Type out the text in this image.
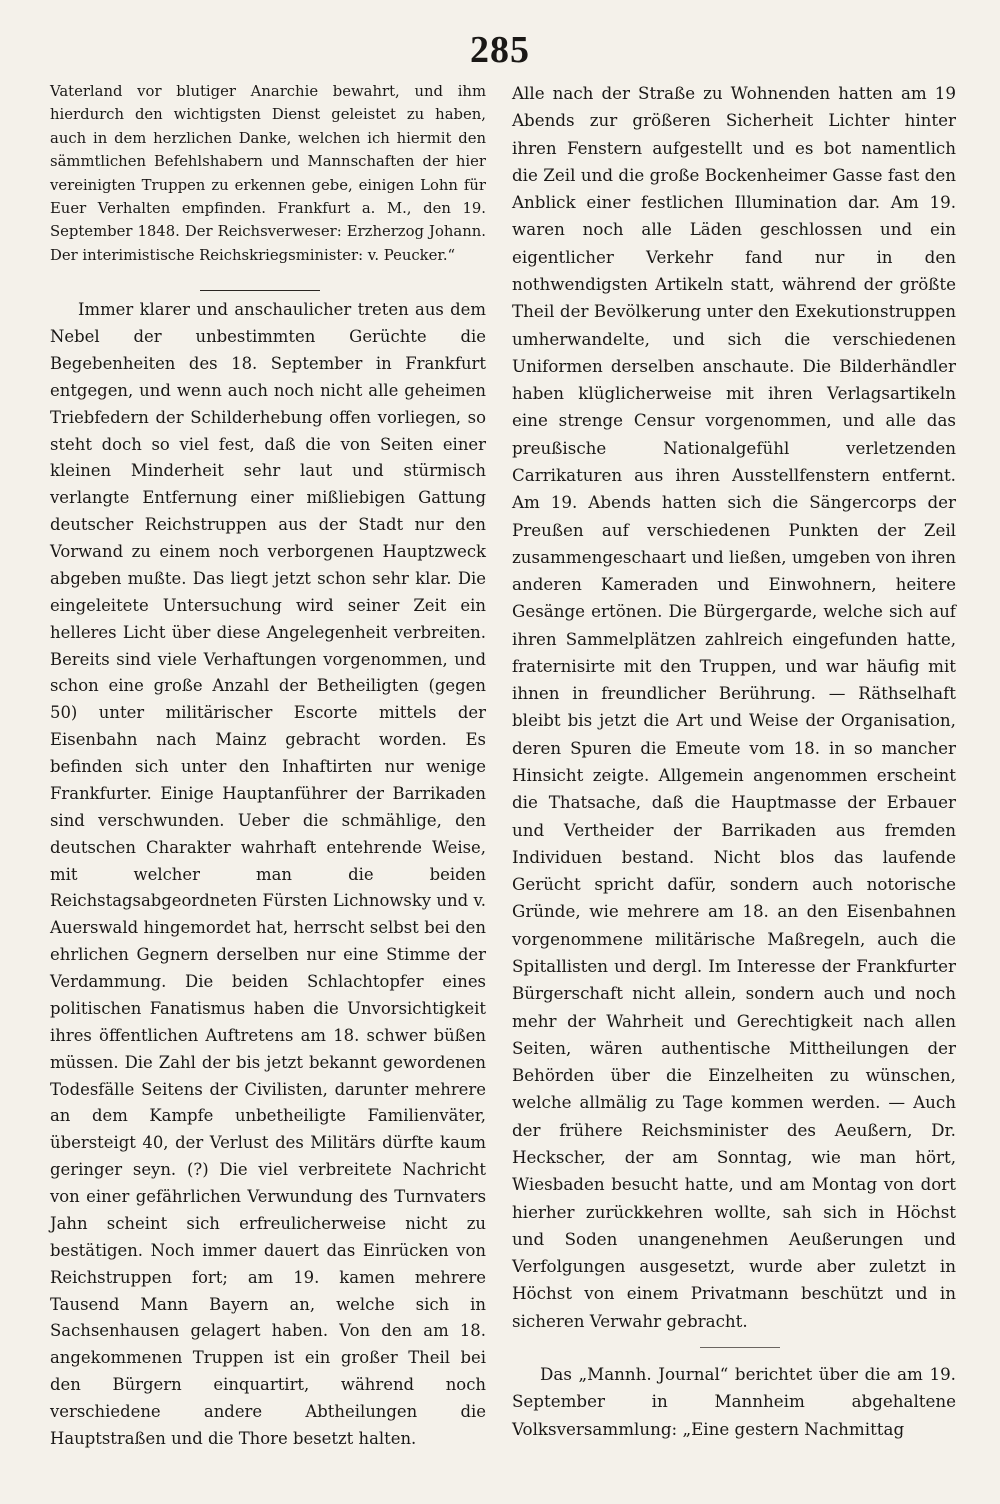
285

Vaterland vor blutiger Anarchie bewahrt, und ihm hierdurch den wichtigsten Dienst geleistet zu haben, auch in dem herzlichen Danke, welchen ich hiermit den sämmtlichen Befehlshabern und Mannschaften der hier vereinigten Truppen zu erkennen gebe, einigen Lohn für Euer Verhalten empfinden. Frankfurt a. M., den 19. September 1848. Der Reichsverweser: Erzherzog Johann. Der interimistische Reichskriegsminister: v. Peucker.“

Immer klarer und anschaulicher treten aus dem Nebel der unbestimmten Gerüchte die Begebenheiten des 18. September in Frankfurt entgegen, und wenn auch noch nicht alle geheimen Triebfedern der Schilderhebung offen vorliegen, so steht doch so viel fest, daß die von Seiten einer kleinen Minderheit sehr laut und stürmisch verlangte Entfernung einer mißliebigen Gattung deutscher Reichstruppen aus der Stadt nur den Vorwand zu einem noch verborgenen Hauptzweck abgeben mußte. Das liegt jetzt schon sehr klar. Die eingeleitete Untersuchung wird seiner Zeit ein helleres Licht über diese Angelegenheit verbreiten. Bereits sind viele Verhaftungen vorgenommen, und schon eine große Anzahl der Betheiligten (gegen 50) unter militärischer Escorte mittels der Eisenbahn nach Mainz gebracht worden. Es befinden sich unter den Inhaftirten nur wenige Frankfurter. Einige Hauptanführer der Barrikaden sind verschwunden. Ueber die schmählige, den deutschen Charakter wahrhaft entehrende Weise, mit welcher man die beiden Reichstagsabgeordneten Fürsten Lichnowsky und v. Auerswald hingemordet hat, herrscht selbst bei den ehrlichen Gegnern derselben nur eine Stimme der Verdammung. Die beiden Schlachtopfer eines politischen Fanatismus haben die Unvorsichtigkeit ihres öffentlichen Auftretens am 18. schwer büßen müssen. Die Zahl der bis jetzt bekannt gewordenen Todesfälle Seitens der Civilisten, darunter mehrere an dem Kampfe unbetheiligte Familienväter, übersteigt 40, der Verlust des Militärs dürfte kaum geringer seyn. (?) Die viel verbreitete Nachricht von einer gefährlichen Verwundung des Turnvaters Jahn scheint sich erfreulicherweise nicht zu bestätigen. Noch immer dauert das Einrücken von Reichstruppen fort; am 19. kamen mehrere Tausend Mann Bayern an, welche sich in Sachsenhausen gelagert haben. Von den am 18. angekommenen Truppen ist ein großer Theil bei den Bürgern einquartirt, während noch verschiedene andere Abtheilungen die Hauptstraßen und die Thore besetzt halten.

Alle nach der Straße zu Wohnenden hatten am 19 Abends zur größeren Sicherheit Lichter hinter ihren Fenstern aufgestellt und es bot namentlich die Zeil und die große Bockenheimer Gasse fast den Anblick einer festlichen Illumination dar. Am 19. waren noch alle Läden geschlossen und ein eigentlicher Verkehr fand nur in den nothwendigsten Artikeln statt, während der größte Theil der Bevölkerung unter den Exekutionstruppen umherwandelte, und sich die verschiedenen Uniformen derselben anschaute. Die Bilderhändler haben klüglicherweise mit ihren Verlagsartikeln eine strenge Censur vorgenommen, und alle das preußische Nationalgefühl verletzenden Carrikaturen aus ihren Ausstellfenstern entfernt. Am 19. Abends hatten sich die Sängercorps der Preußen auf verschiedenen Punkten der Zeil zusammengeschaart und ließen, umgeben von ihren anderen Kameraden und Einwohnern, heitere Gesänge ertönen. Die Bürgergarde, welche sich auf ihren Sammelplätzen zahlreich eingefunden hatte, fraternisirte mit den Truppen, und war häufig mit ihnen in freundlicher Berührung. — Räthselhaft bleibt bis jetzt die Art und Weise der Organisation, deren Spuren die Emeute vom 18. in so mancher Hinsicht zeigte. Allgemein angenommen erscheint die Thatsache, daß die Hauptmasse der Erbauer und Vertheider der Barrikaden aus fremden Individuen bestand. Nicht blos das laufende Gerücht spricht dafür, sondern auch notorische Gründe, wie mehrere am 18. an den Eisenbahnen vorgenommene militärische Maßregeln, auch die Spitallisten und dergl. Im Interesse der Frankfurter Bürgerschaft nicht allein, sondern auch und noch mehr der Wahrheit und Gerechtigkeit nach allen Seiten, wären authentische Mittheilungen der Behörden über die Einzelheiten zu wünschen, welche allmälig zu Tage kommen werden. — Auch der frühere Reichsminister des Aeußern, Dr. Heckscher, der am Sonntag, wie man hört, Wiesbaden besucht hatte, und am Montag von dort hierher zurückkehren wollte, sah sich in Höchst und Soden unangenehmen Aeußerungen und Verfolgungen ausgesetzt, wurde aber zuletzt in Höchst von einem Privatmann beschützt und in sicheren Verwahr gebracht.

Das „Mannh. Journal“ berichtet über die am 19. September in Mannheim abgehaltene Volksversammlung: „Eine gestern Nachmittag
